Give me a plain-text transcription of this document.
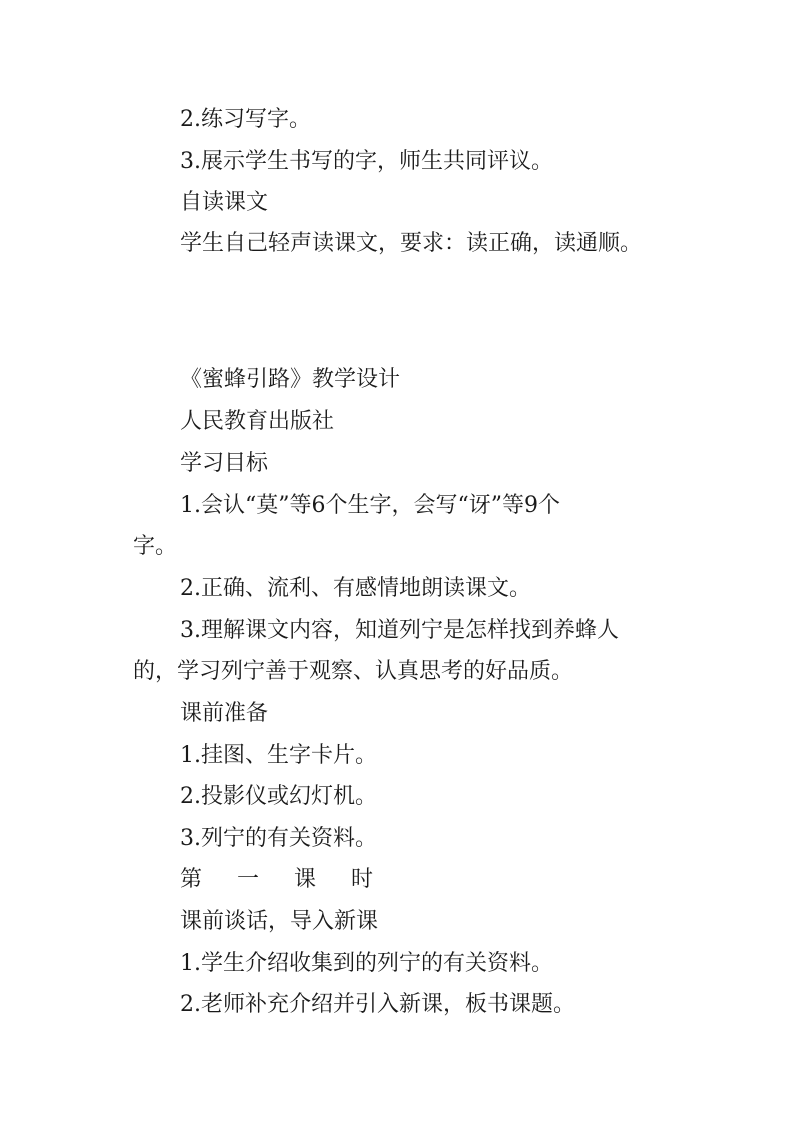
2.练习写字。
3.展示学生书写的字，师生共同评议。
自读课文
学生自己轻声读课文，要求：读正确，读通顺。
《蜜蜂引路》教学设计
人民教育出版社
学习目标
1.会认“莫”等6个生字，会写“讶”等9个
字。
2.正确、流利、有感情地朗读课文。
3.理解课文内容，知道列宁是怎样找到养蜂人
的，学习列宁善于观察、认真思考的好品质。
课前准备
1.挂图、生字卡片。
2.投影仪或幻灯机。
3.列宁的有关资料。
第 一 课 时
课前谈话，导入新课
1.学生介绍收集到的列宁的有关资料。
2.老师补充介绍并引入新课，板书课题。
